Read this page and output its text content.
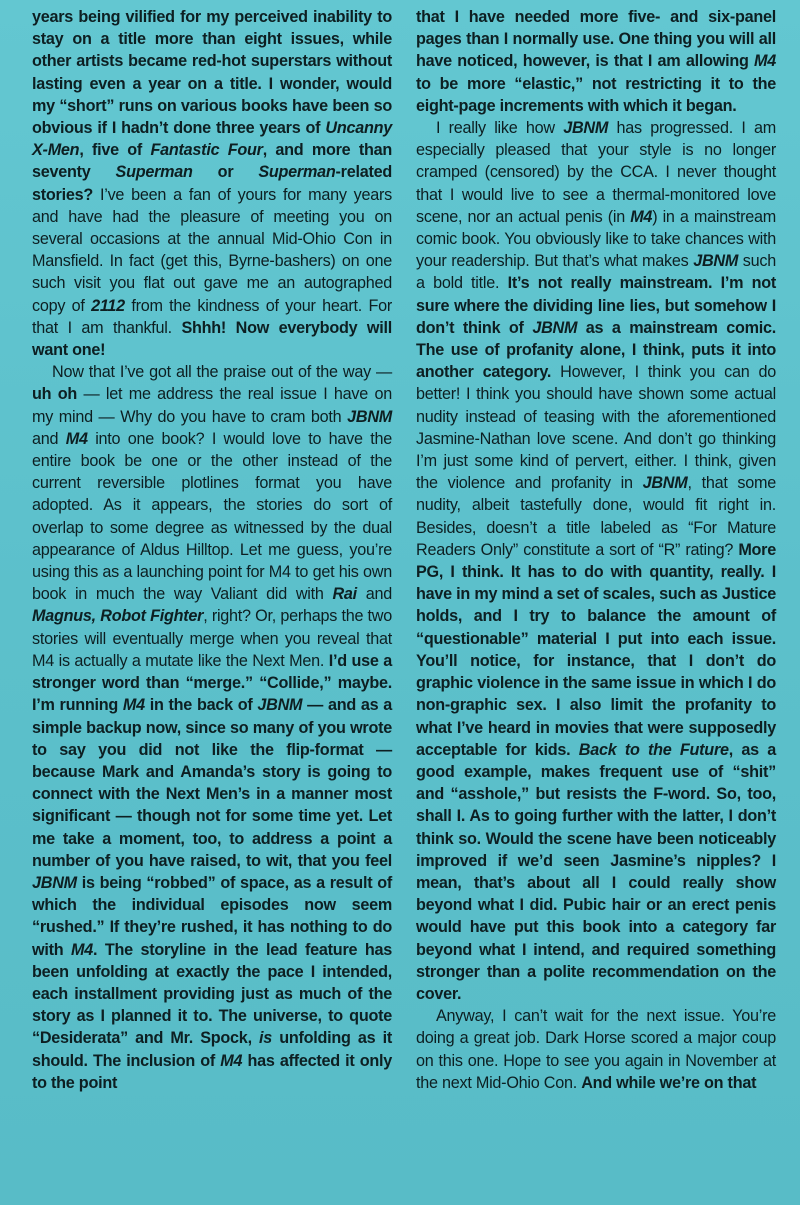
years being vilified for my perceived inability to stay on a title more than eight issues, while other artists became red-hot superstars without lasting even a year on a title. I wonder, would my “short” runs on various books have been so obvious if I hadn’t done three years of Uncanny X-Men, five of Fantastic Four, and more than seventy Superman or Superman-related stories? I’ve been a fan of yours for many years and have had the pleasure of meeting you on several occasions at the annual Mid-Ohio Con in Mansfield. In fact (get this, Byrne-bashers) on one such visit you flat out gave me an autographed copy of 2112 from the kindness of your heart. For that I am thankful. Shhh! Now everybody will want one!

Now that I’ve got all the praise out of the way — uh oh — let me address the real issue I have on my mind — Why do you have to cram both JBNM and M4 into one book? I would love to have the entire book be one or the other instead of the current reversible plotlines format you have adopted. As it appears, the stories do sort of overlap to some degree as witnessed by the dual appearance of Aldus Hilltop. Let me guess, you’re using this as a launching point for M4 to get his own book in much the way Valiant did with Rai and Magnus, Robot Fighter, right? Or, perhaps the two stories will eventually merge when you reveal that M4 is actually a mutate like the Next Men. I’d use a stronger word than “merge.” “Collide,” maybe. I’m running M4 in the back of JBNM — and as a simple backup now, since so many of you wrote to say you did not like the flip-format — because Mark and Amanda’s story is going to connect with the Next Men’s in a manner most significant — though not for some time yet. Let me take a moment, too, to address a point a number of you have raised, to wit, that you feel JBNM is being “robbed” of space, as a result of which the individual episodes now seem “rushed.” If they’re rushed, it has nothing to do with M4. The storyline in the lead feature has been unfolding at exactly the pace I intended, each installment providing just as much of the story as I planned it to. The universe, to quote “Desiderata” and Mr. Spock, is unfolding as it should. The inclusion of M4 has affected it only to the point

that I have needed more five- and six-panel pages than I normally use. One thing you will all have noticed, however, is that I am allowing M4 to be more “elastic,” not restricting it to the eight-page increments with which it began.

I really like how JBNM has progressed. I am especially pleased that your style is no longer cramped (censored) by the CCA. I never thought that I would live to see a thermal-monitored love scene, nor an actual penis (in M4) in a mainstream comic book. You obviously like to take chances with your readership. But that’s what makes JBNM such a bold title. It’s not really mainstream. I’m not sure where the dividing line lies, but somehow I don’t think of JBNM as a mainstream comic. The use of profanity alone, I think, puts it into another category. However, I think you can do better! I think you should have shown some actual nudity instead of teasing with the aforementioned Jasmine-Nathan love scene. And don’t go thinking I’m just some kind of pervert, either. I think, given the violence and profanity in JBNM, that some nudity, albeit tastefully done, would fit right in. Besides, doesn’t a title labeled as “For Mature Readers Only” constitute a sort of “R” rating? More PG, I think. It has to do with quantity, really. I have in my mind a set of scales, such as Justice holds, and I try to balance the amount of “questionable” material I put into each issue. You’ll notice, for instance, that I don’t do graphic violence in the same issue in which I do non-graphic sex. I also limit the profanity to what I’ve heard in movies that were supposedly acceptable for kids. Back to the Future, as a good example, makes frequent use of “shit” and “asshole,” but resists the F-word. So, too, shall I. As to going further with the latter, I don’t think so. Would the scene have been noticeably improved if we’d seen Jasmine’s nipples? I mean, that’s about all I could really show beyond what I did. Pubic hair or an erect penis would have put this book into a category far beyond what I intend, and required something stronger than a polite recommendation on the cover.

Anyway, I can’t wait for the next issue. You’re doing a great job. Dark Horse scored a major coup on this one. Hope to see you again in November at the next Mid-Ohio Con. And while we’re on that
